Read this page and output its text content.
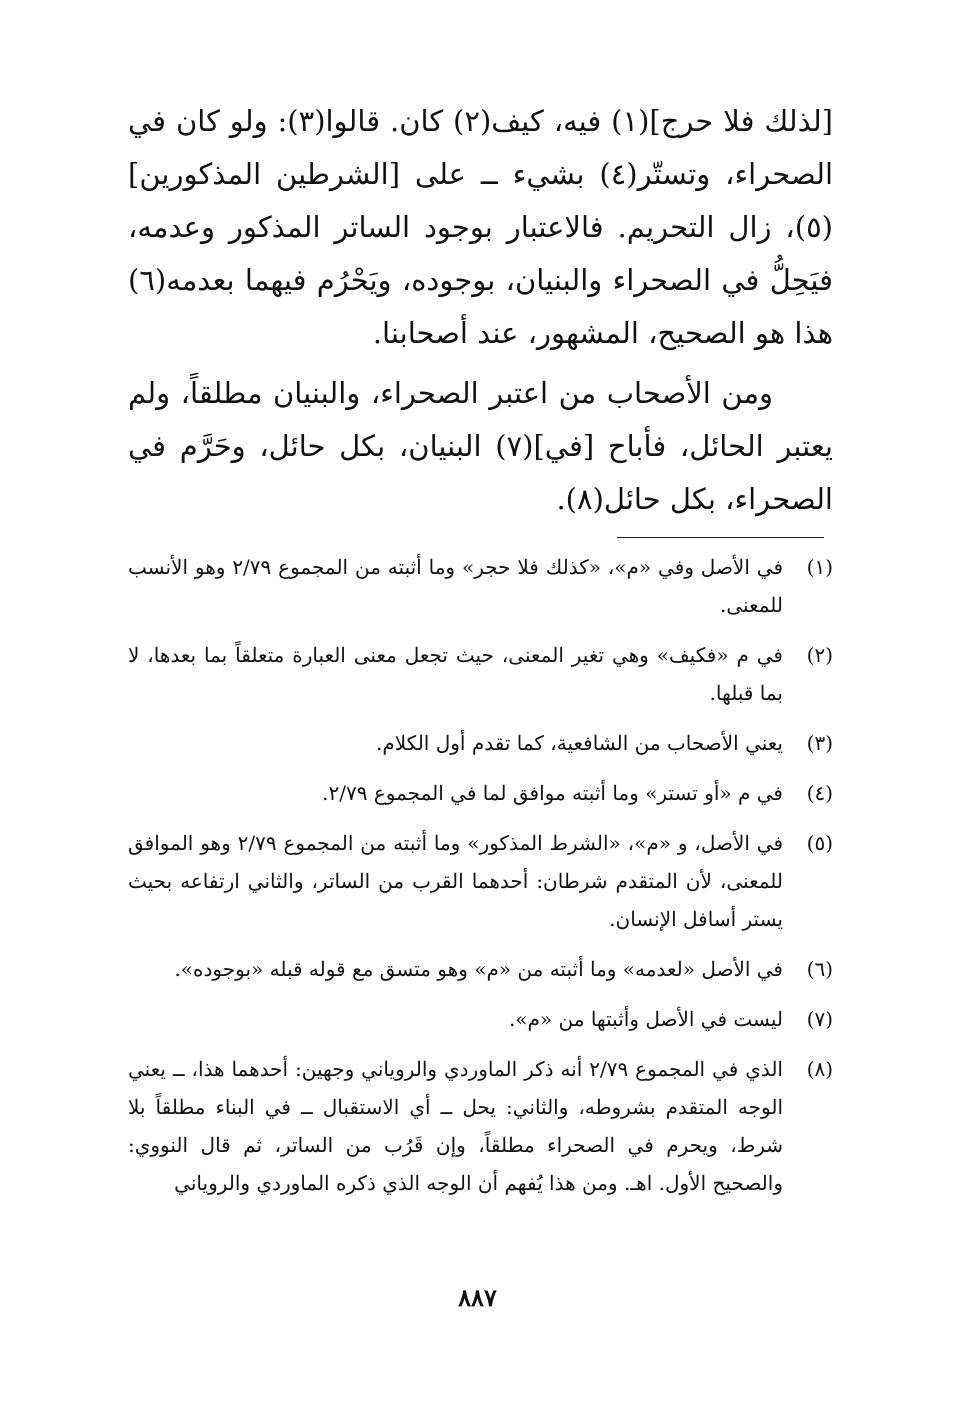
[لذلك فلا حرج](١) فيه، كيف(٢) كان. قالوا(٣): ولو كان في الصحراء، وتستّر(٤) بشيء ــ على [الشرطين المذكورين](٥)، زال التحريم. فالاعتبار بوجود الساتر المذكور وعدمه، فيَحِلُّ في الصحراء والبنيان، بوجوده، ويَحْرُم فيهما بعدمه(٦) هذا هو الصحيح، المشهور، عند أصحابنا.

ومن الأصحاب من اعتبر الصحراء، والبنيان مطلقاً، ولم يعتبر الحائل، فأباح [في](٧) البنيان، بكل حائل، وحَرَّم في الصحراء، بكل حائل(٨).

(١)
في الأصل وفي «م»، «كذلك فلا حجر» وما أثبته من المجموع ٢/٧٩ وهو الأنسب للمعنى.
(٢)
في م «فكيف» وهي تغير المعنى، حيث تجعل معنى العبارة متعلقاً بما بعدها، لا بما قبلها.
(٣)
يعني الأصحاب من الشافعية، كما تقدم أول الكلام.
(٤)
في م «أو تستر» وما أثبته موافق لما في المجموع ٢/٧٩.
(٥)
في الأصل، و «م»، «الشرط المذكور» وما أثبته من المجموع ٢/٧٩ وهو الموافق للمعنى، لأن المتقدم شرطان: أحدهما القرب من الساتر، والثاني ارتفاعه بحيث يستر أسافل الإنسان.
(٦)
في الأصل «لعدمه» وما أثبته من «م» وهو متسق مع قوله قبله «بوجوده».
(٧)
ليست في الأصل وأثبتها من «م».
(٨)
الذي في المجموع ٢/٧٩ أنه ذكر الماوردي والروياني وجهين: أحدهما هذا، ــ يعني الوجه المتقدم بشروطه، والثاني: يحل ــ أي الاستقبال ــ في البناء مطلقاً بلا شرط، ويحرم في الصحراء مطلقاً، وإن قَرُب من الساتر، ثم قال النووي: والصحيح الأول. اهـ. ومن هذا يُفهم أن الوجه الذي ذكره الماوردي والروياني
٨٨٧
